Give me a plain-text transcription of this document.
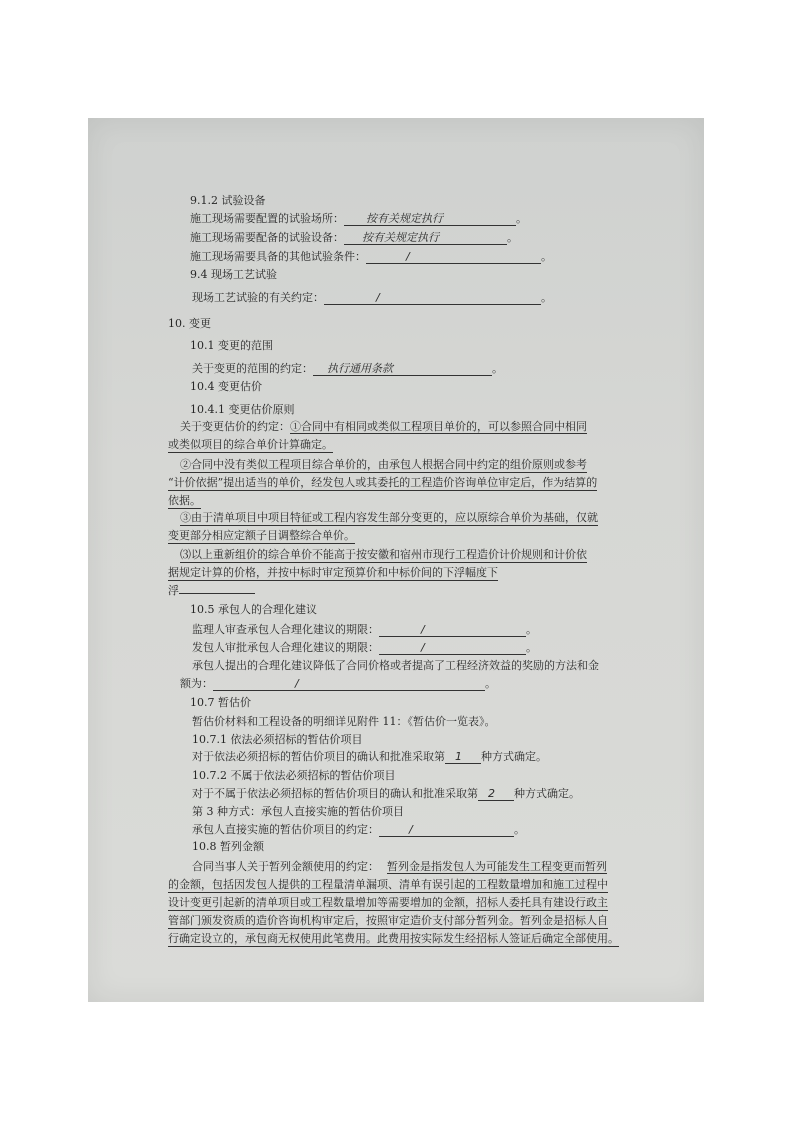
9.1.2 试验设备
施工现场需要配置的试验场所： 按有关规定执行	。
施工现场需要配备的试验设备： 按有关规定执行	。
施工现场需要具备的其他试验条件：	/	。
9.4 现场工艺试验
现场工艺试验的有关约定：	/	。
10. 变更
10.1 变更的范围
关于变更的范围的约定： 执行通用条款	。
10.4 变更估价
10.4.1 变更估价原则
关于变更估价的约定：①合同中有相同或类似工程项目单价的，可以参照合同中相同
或类似项目的综合单价计算确定。
②合同中没有类似工程项目综合单价的，由承包人根据合同中约定的组价原则或参考
“计价依据”提出适当的单价，经发包人或其委托的工程造价咨询单位审定后，作为结算的
依据。
③由于清单项目中项目特征或工程内容发生部分变更的，应以原综合单价为基础，仅就
变更部分相应定额子目调整综合单价。
⑶以上重新组价的综合单价不能高于按安徽和宿州市现行工程造价计价规则和计价依
据规定计算的价格，并按中标时审定预算价和中标价间的下浮幅度下
浮
10.5 承包人的合理化建议
监理人审查承包人合理化建议的期限：	/	。
发包人审批承包人合理化建议的期限：	/	。
承包人提出的合理化建议降低了合同价格或者提高了工程经济效益的奖励的方法和金
额为：	/	。
10.7 暂估价
暂估价材料和工程设备的明细详见附件 11：《暂估价一览表》。
10.7.1 依法必须招标的暂估价项目
对于依法必须招标的暂估价项目的确认和批准采取第 1 种方式确定。
10.7.2 不属于依法必须招标的暂估价项目
对于不属于依法必须招标的暂估价项目的确认和批准采取第 2 种方式确定。
第 3 种方式：承包人直接实施的暂估价项目
承包人直接实施的暂估价项目的约定：	/	。
10.8 暂列金额
合同当事人关于暂列金额使用的约定： 暂列金是指发包人为可能发生工程变更而暂列
的金额，包括因发包人提供的工程量清单漏项、清单有误引起的工程数量增加和施工过程中
设计变更引起新的清单项目或工程数量增加等需要增加的金额，招标人委托具有建设行政主
管部门颁发资质的造价咨询机构审定后，按照审定造价支付部分暂列金。暂列金是招标人自
行确定设立的，承包商无权使用此笔费用。此费用按实际发生经招标人签证后确定全部使用。
